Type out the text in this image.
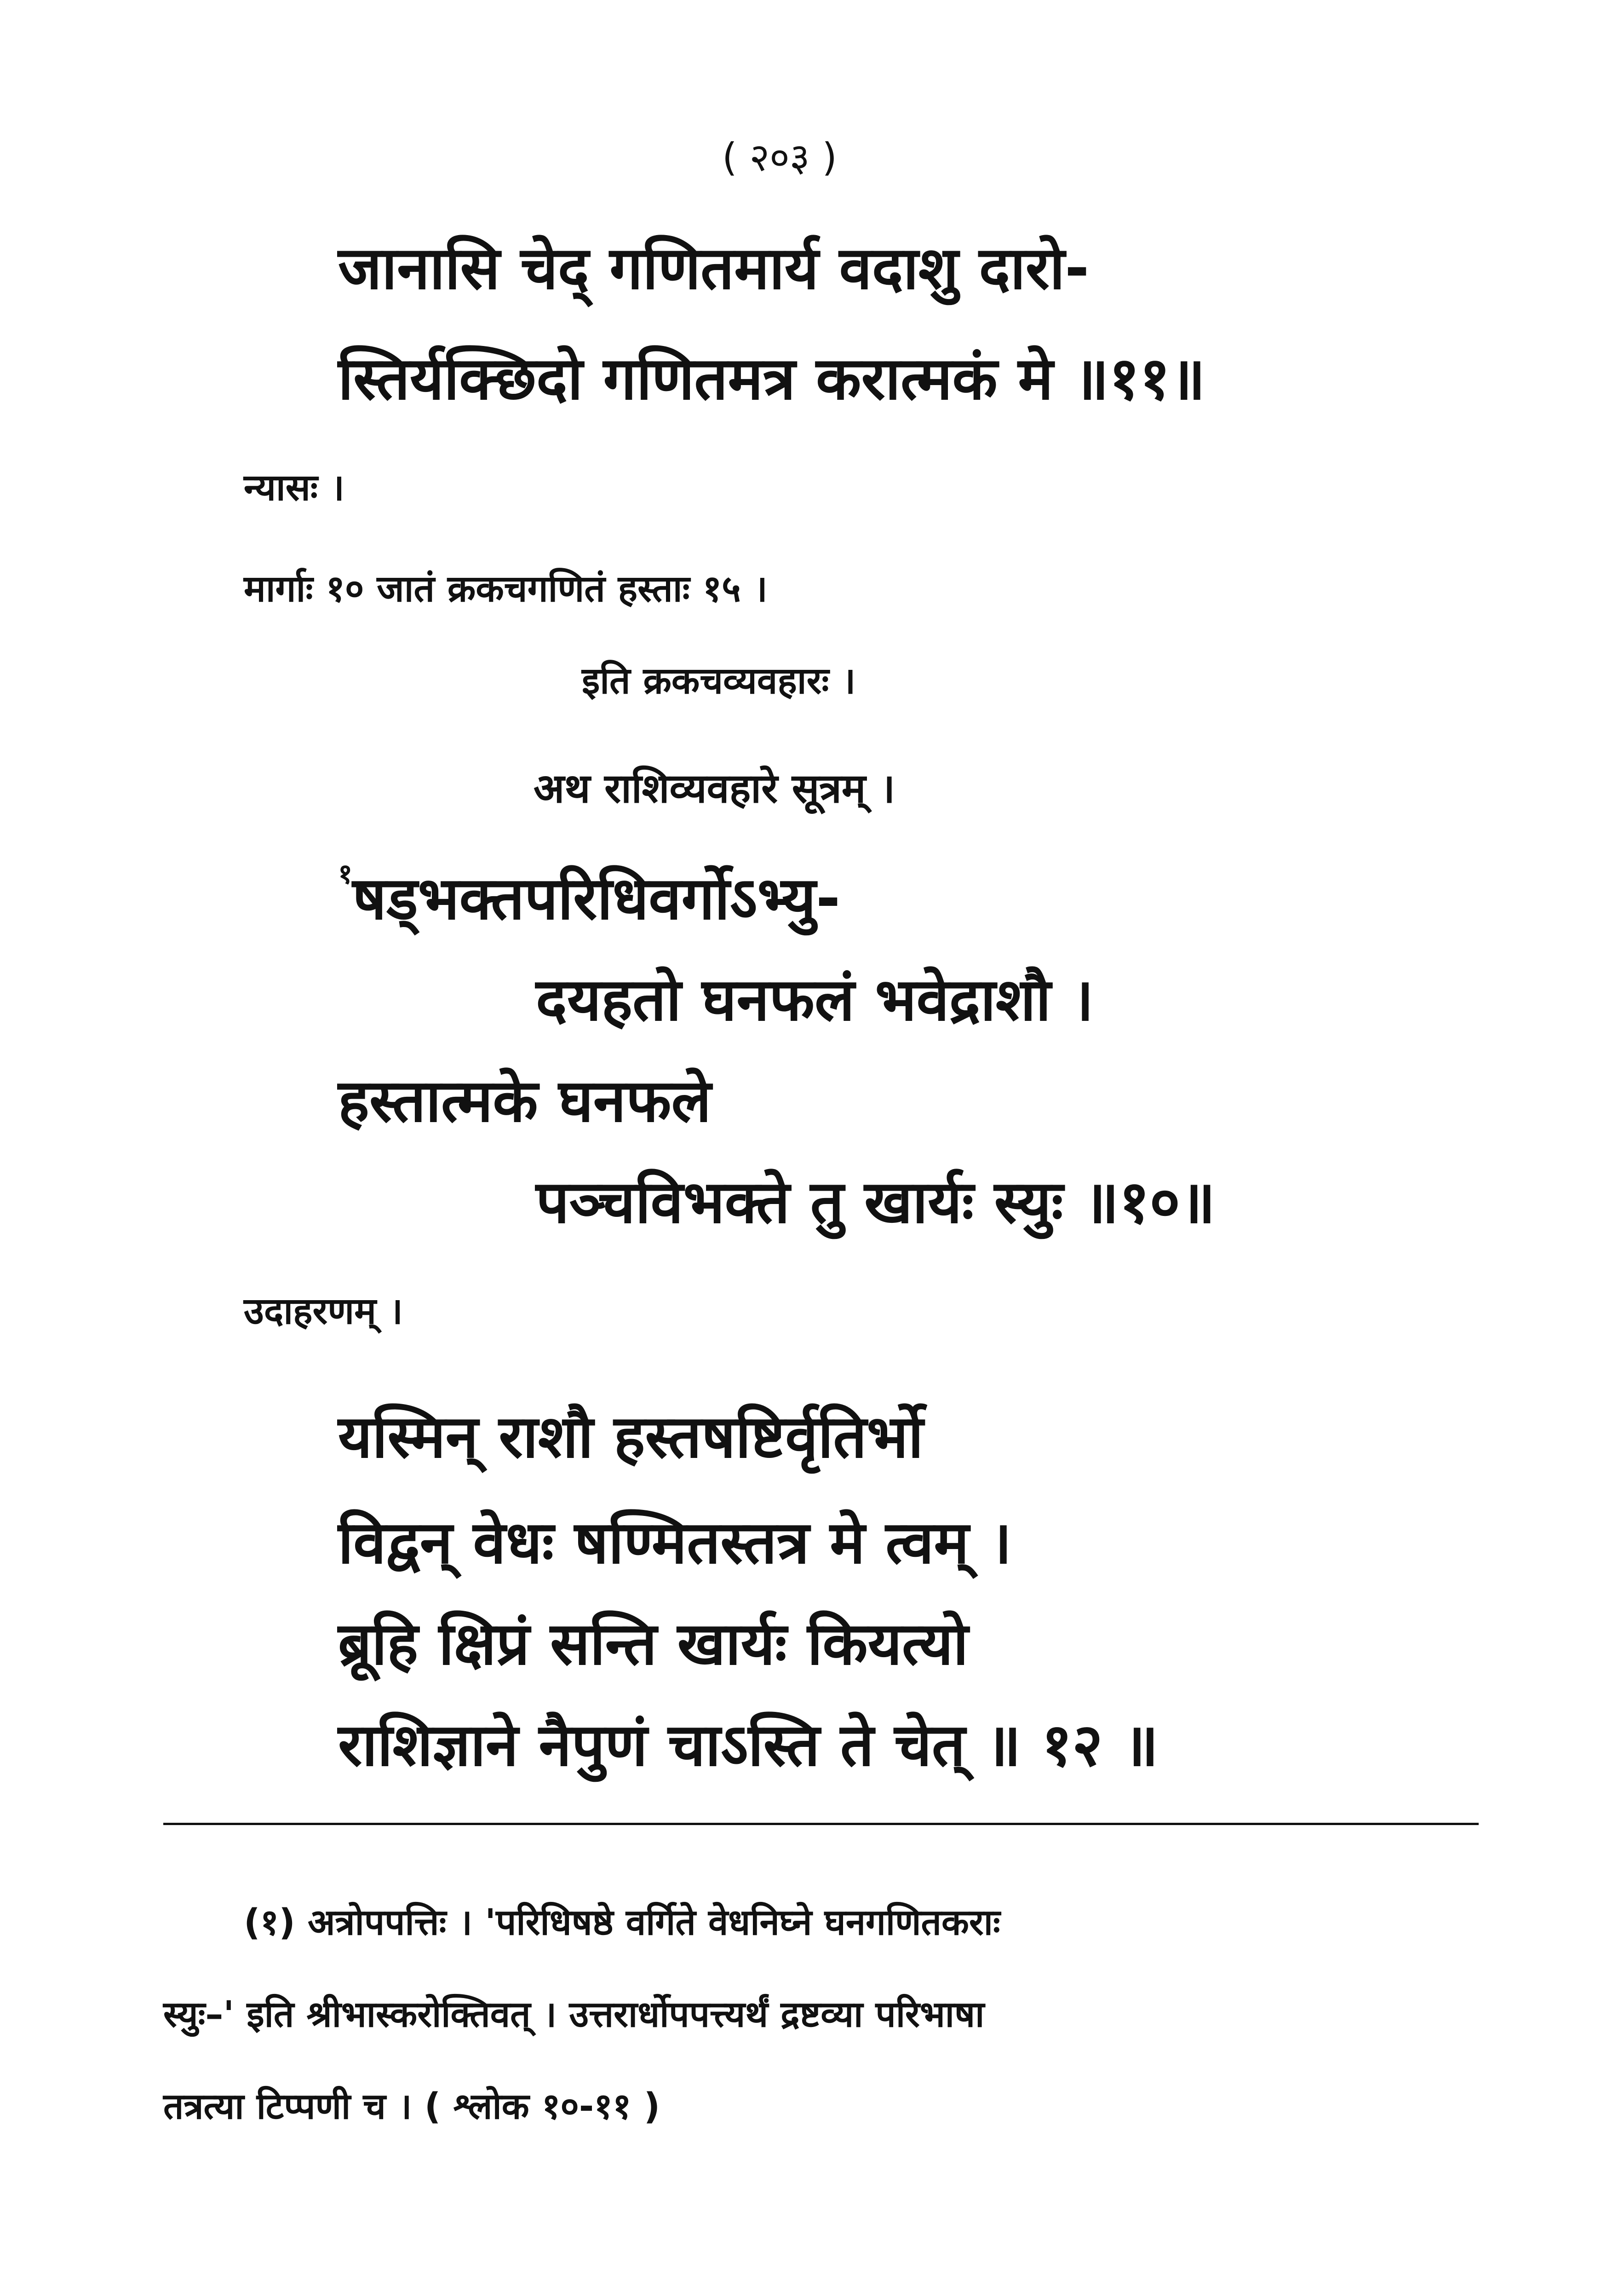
( २०३ )
जानासि चेद् गणितमार्य वदाशु दारो-
स्तिर्यक्छिदो गणितमत्र करात्मकं मे ॥११॥
न्यासः ।
मार्गाः १० जातं क्रकचगणितं हस्ताः १५ ।
इति क्रकचव्यवहारः ।
अथ राशिव्यवहारे सूत्रम् ।
$^१$षड्भक्तपरिधिवर्गोऽभ्यु-
दयहतो घनफलं भवेद्राशौ ।
हस्तात्मके घनफले
पञ्चविभक्ते तु खार्यः स्युः ॥१०॥
उदाहरणम् ।
यस्मिन् राशौ हस्तषष्टिर्वृतिर्भो
विद्वन् वेधः षण्मितस्तत्र मे त्वम् ।
ब्रूहि क्षिप्रं सन्ति खार्यः कियत्यो
राशिज्ञाने नैपुणं चाऽस्ति ते चेत् ॥ १२ ॥
(१) अत्रोपपत्तिः । 'परिधिषष्ठे वर्गिते वेधनिघ्ने घनगणितकराः
स्युः–' इति श्रीभास्करोक्तिवत् । उत्तरार्धोपपत्त्यर्थं द्रष्टव्या परिभाषा
तत्रत्या टिप्पणी च । ( श्लोक १०-११ )
